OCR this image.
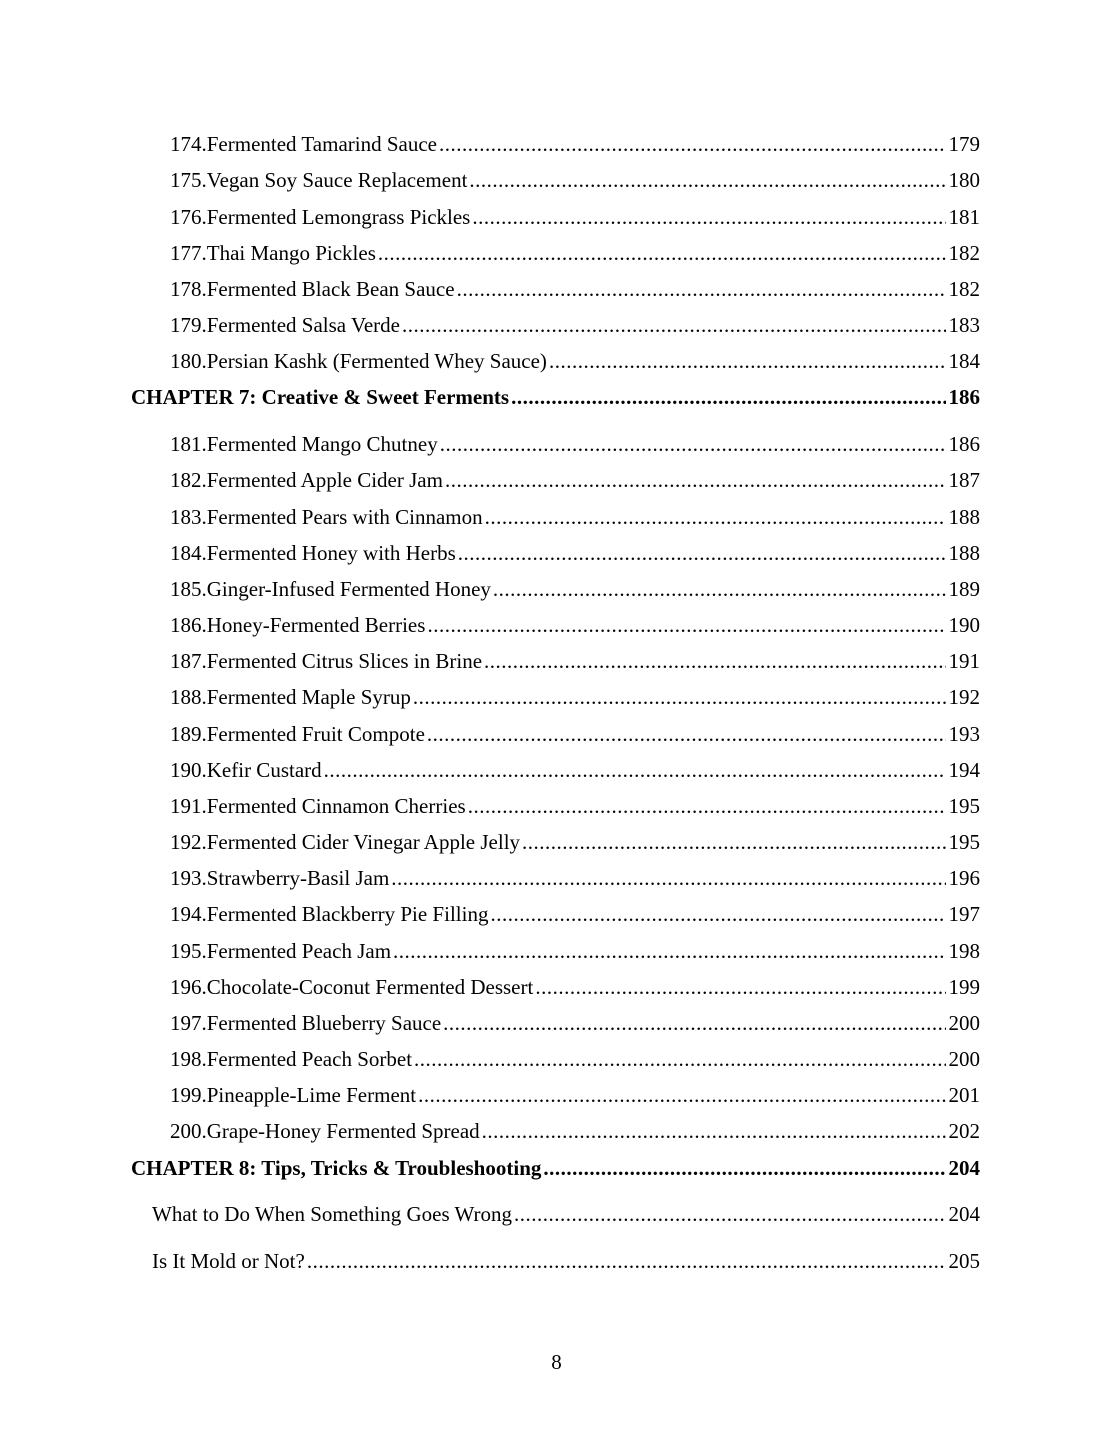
174. Fermented Tamarind Sauce .....	179
175. Vegan Soy Sauce Replacement .....	180
176. Fermented Lemongrass Pickles .....	181
177. Thai Mango Pickles .....	182
178. Fermented Black Bean Sauce .....	182
179. Fermented Salsa Verde .....	183
180. Persian Kashk (Fermented Whey Sauce) .....	184
CHAPTER 7: Creative & Sweet Ferments .....	186
181. Fermented Mango Chutney .....	186
182. Fermented Apple Cider Jam .....	187
183. Fermented Pears with Cinnamon .....	188
184. Fermented Honey with Herbs .....	188
185. Ginger-Infused Fermented Honey .....	189
186. Honey-Fermented Berries .....	190
187. Fermented Citrus Slices in Brine .....	191
188. Fermented Maple Syrup .....	192
189. Fermented Fruit Compote .....	193
190. Kefir Custard .....	194
191. Fermented Cinnamon Cherries .....	195
192. Fermented Cider Vinegar Apple Jelly .....	195
193. Strawberry-Basil Jam .....	196
194. Fermented Blackberry Pie Filling .....	197
195. Fermented Peach Jam .....	198
196. Chocolate-Coconut Fermented Dessert .....	199
197. Fermented Blueberry Sauce .....	200
198. Fermented Peach Sorbet .....	200
199. Pineapple-Lime Ferment .....	201
200. Grape-Honey Fermented Spread .....	202
CHAPTER 8: Tips, Tricks & Troubleshooting .....	204
What to Do When Something Goes Wrong .....	204
Is It Mold or Not? .....	205
8
